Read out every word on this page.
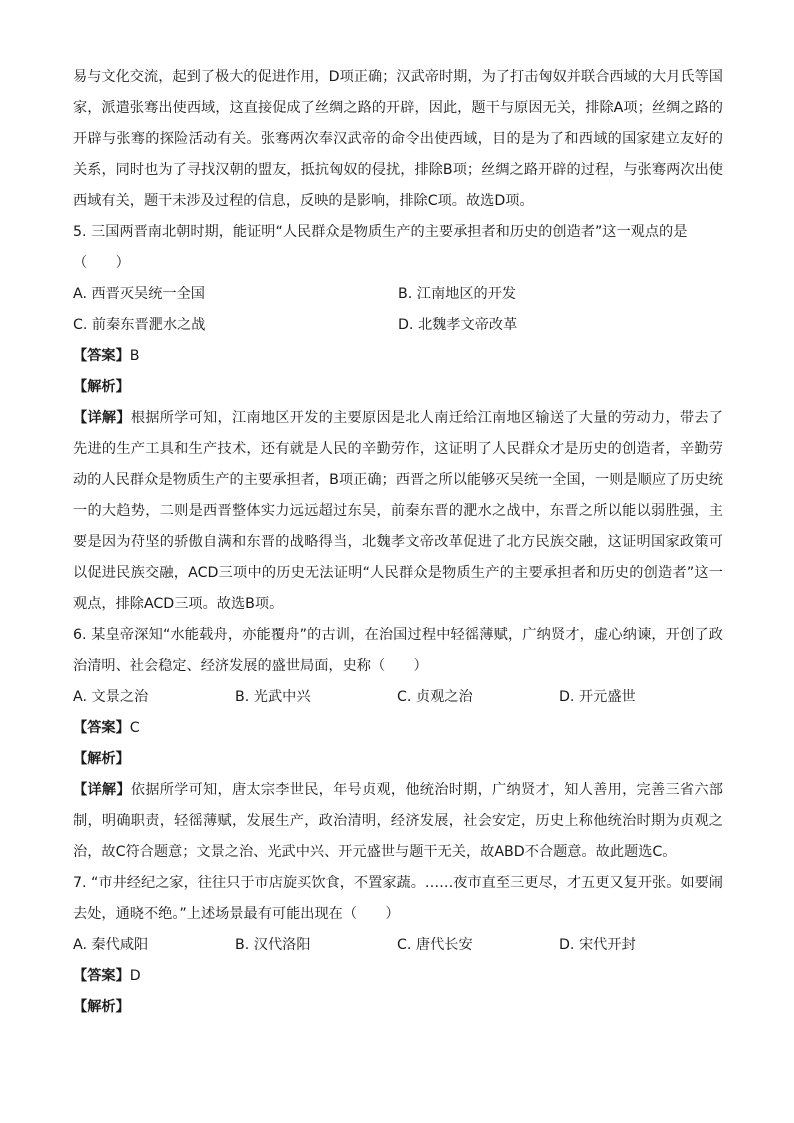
易与文化交流，起到了极大的促进作用，D项正确；汉武帝时期，为了打击匈奴并联合西域的大月氏等国家，派遣张骞出使西域，这直接促成了丝绸之路的开辟，因此，题干与原因无关，排除A项；丝绸之路的开辟与张骞的探险活动有关。张骞两次奉汉武帝的命令出使西域，目的是为了和西域的国家建立友好的关系，同时也为了寻找汉朝的盟友，抵抗匈奴的侵扰，排除B项；丝绸之路开辟的过程，与张骞两次出使西域有关，题干未涉及过程的信息，反映的是影响，排除C项。故选D项。

5. 三国两晋南北朝时期，能证明“人民群众是物质生产的主要承担者和历史的创造者”这一观点的是
（　　）
A. 西晋灭吴统一全国	B. 江南地区的开发
C. 前秦东晋淝水之战	D. 北魏孝文帝改革
【答案】B
【解析】

【详解】根据所学可知，江南地区开发的主要原因是北人南迁给江南地区输送了大量的劳动力，带去了先进的生产工具和生产技术，还有就是人民的辛勤劳作，这证明了人民群众才是历史的创造者，辛勤劳动的人民群众是物质生产的主要承担者，B项正确；西晋之所以能够灭吴统一全国，一则是顺应了历史统一的大趋势，二则是西晋整体实力远远超过东吴，前秦东晋的淝水之战中，东晋之所以能以弱胜强，主要是因为苻坚的骄傲自满和东晋的战略得当，北魏孝文帝改革促进了北方民族交融，这证明国家政策可以促进民族交融，ACD三项中的历史无法证明“人民群众是物质生产的主要承担者和历史的创造者”这一观点，排除ACD三项。故选B项。

6. 某皇帝深知“水能载舟，亦能覆舟”的古训，在治国过程中轻徭薄赋，广纳贤才，虚心纳谏，开创了政治清明、社会稳定、经济发展的盛世局面，史称（　　）

A. 文景之治	B. 光武中兴	C. 贞观之治	D. 开元盛世
【答案】C
【解析】

【详解】依据所学可知，唐太宗李世民，年号贞观，他统治时期，广纳贤才，知人善用，完善三省六部制，明确职责，轻徭薄赋，发展生产，政治清明，经济发展，社会安定，历史上称他统治时期为贞观之治，故C符合题意；文景之治、光武中兴、开元盛世与题干无关，故ABD不合题意。故此题选C。

7. “市井经纪之家，往往只于市店旋买饮食，不置家蔬。……夜市直至三更尽，才五更又复开张。如要闹去处，通晓不绝。”上述场景最有可能出现在（　　）

A. 秦代咸阳	B. 汉代洛阳	C. 唐代长安	D. 宋代开封
【答案】D
【解析】
